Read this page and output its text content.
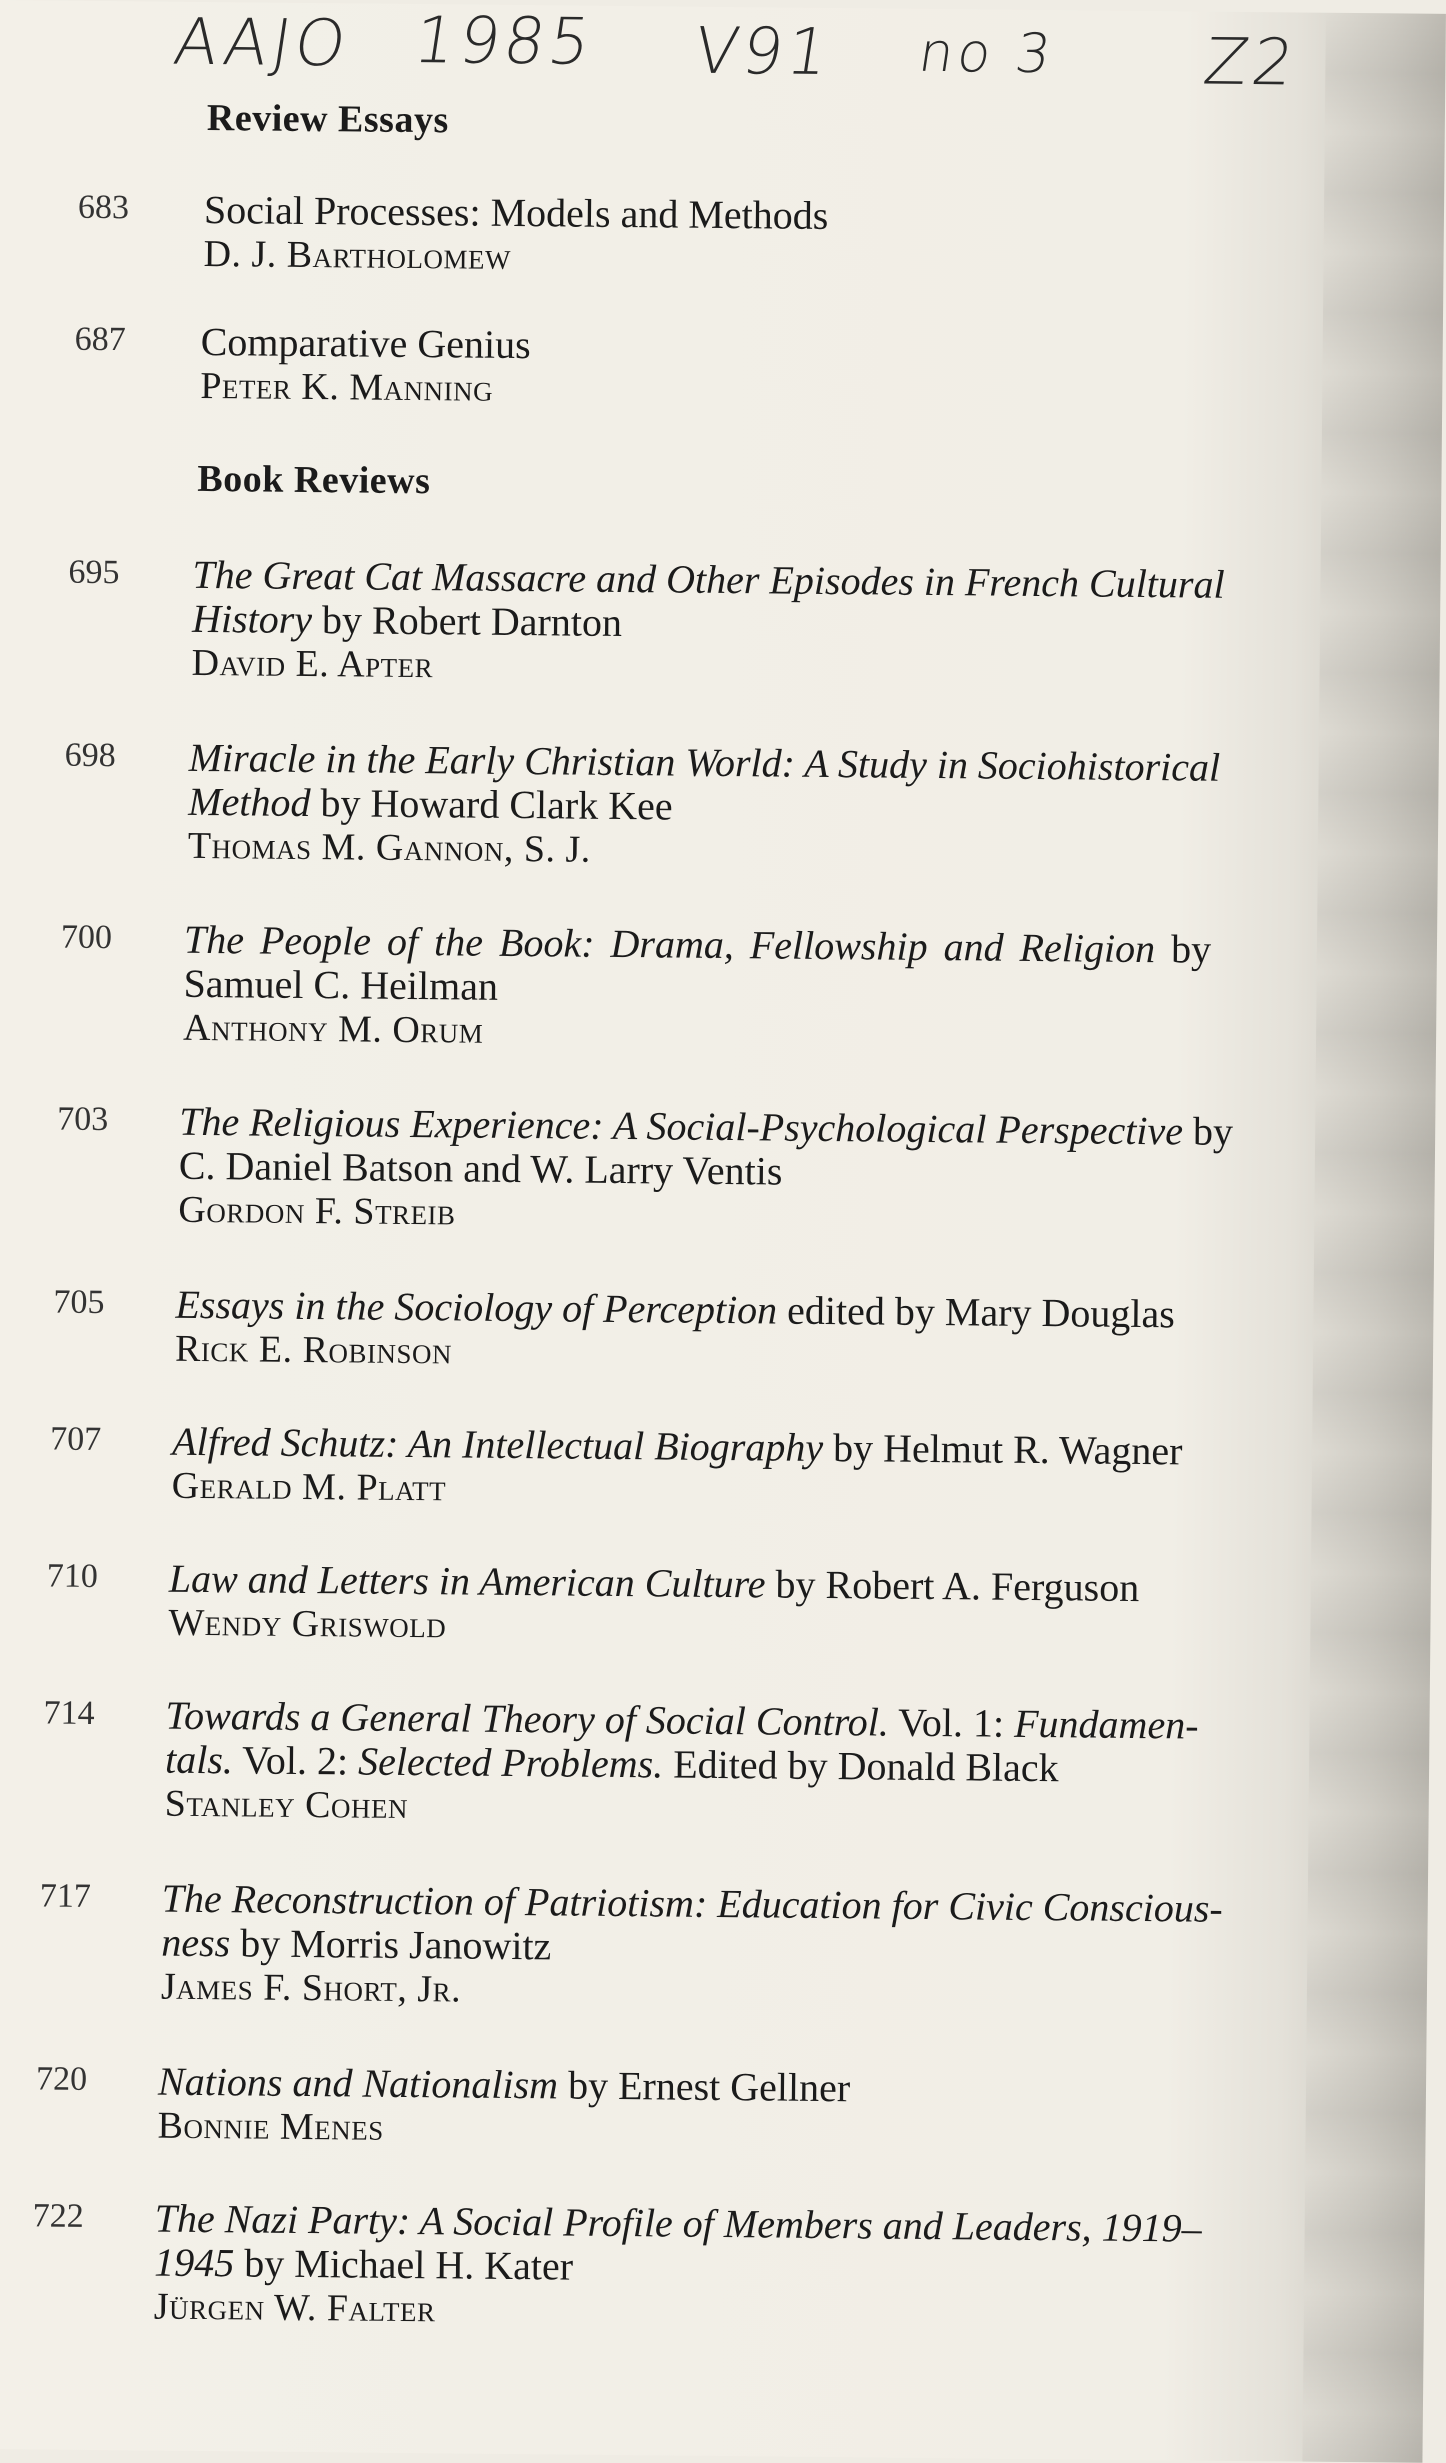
AAJO 1985 V91 no 3 Z2
Review Essays
683 Social Processes: Models and Methods
D. J. Bartholomew
687 Comparative Genius
Peter K. Manning
Book Reviews
695 The Great Cat Massacre and Other Episodes in French Cultural
History by Robert Darnton
David E. Apter
698 Miracle in the Early Christian World: A Study in Sociohistorical
Method by Howard Clark Kee
Thomas M. Gannon, S. J.
700 The People of the Book: Drama, Fellowship and Religion by
Samuel C. Heilman
Anthony M. Orum
703 The Religious Experience: A Social-Psychological Perspective by
C. Daniel Batson and W. Larry Ventis
Gordon F. Streib
705 Essays in the Sociology of Perception edited by Mary Douglas
Rick E. Robinson
707 Alfred Schutz: An Intellectual Biography by Helmut R. Wagner
Gerald M. Platt
710 Law and Letters in American Culture by Robert A. Ferguson
Wendy Griswold
714 Towards a General Theory of Social Control. Vol. 1: Fundamen-
tals. Vol. 2: Selected Problems. Edited by Donald Black
Stanley Cohen
717 The Reconstruction of Patriotism: Education for Civic Conscious-
ness by Morris Janowitz
James F. Short, Jr.
720 Nations and Nationalism by Ernest Gellner
Bonnie Menes
722 The Nazi Party: A Social Profile of Members and Leaders, 1919–
1945 by Michael H. Kater
Jürgen W. Falter
